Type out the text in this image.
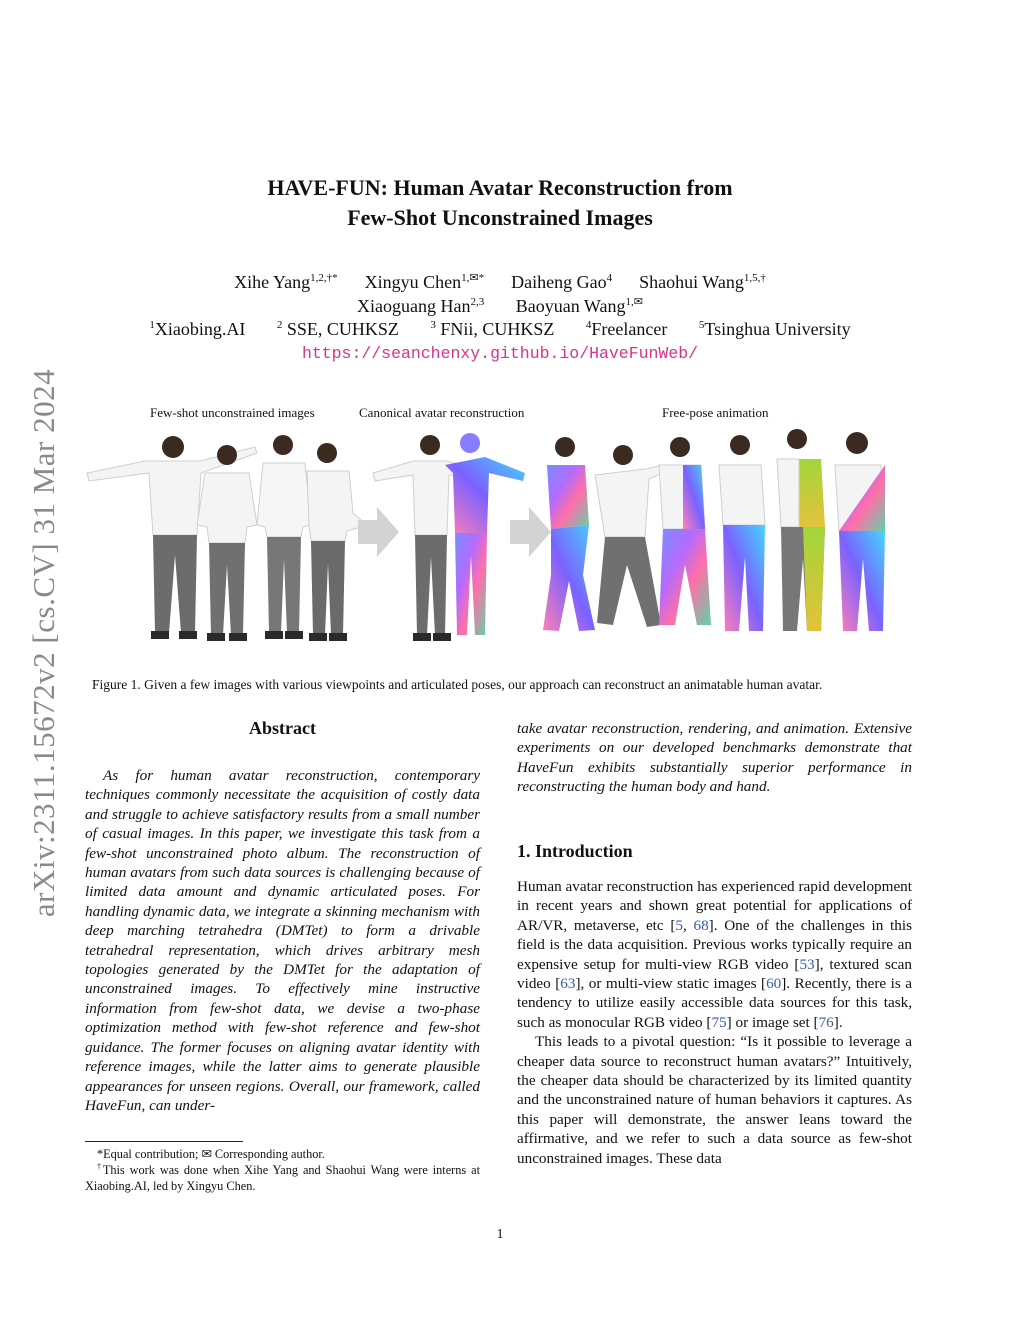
arXiv:2311.15672v2 [cs.CV] 31 Mar 2024
HAVE-FUN: Human Avatar Reconstruction from
Few-Shot Unconstrained Images
Xihe Yang$^{1,2,\dagger*}$ Xingyu Chen$^{1,✉*}$ Daiheng Gao$^4$ Shaohui Wang$^{1,5,\dagger}$
Xiaoguang Han$^{2,3}$ Baoyuan Wang$^{1,✉}$
$^1$Xiaobing.AI	$^2$ SSE, CUHKSZ	$^3$ FNii, CUHKSZ	$^4$Freelancer	$^5$Tsinghua University
https://seanchenxy.github.io/HaveFunWeb/
Few-shot unconstrained images	Canonical avatar reconstruction	Free-pose animation
Figure 1. Given a few images with various viewpoints and articulated poses, our approach can reconstruct an animatable human avatar.
Abstract

As for human avatar reconstruction, contemporary techniques commonly necessitate the acquisition of costly data and struggle to achieve satisfactory results from a small number of casual images. In this paper, we investigate this task from a few-shot unconstrained photo album. The reconstruction of human avatars from such data sources is challenging because of limited data amount and dynamic articulated poses. For handling dynamic data, we integrate a skinning mechanism with deep marching tetrahedra (DMTet) to form a drivable tetrahedral representation, which drives arbitrary mesh topologies generated by the DMTet for the adaptation of unconstrained images. To effectively mine instructive information from few-shot data, we devise a two-phase optimization method with few-shot reference and few-shot guidance. The former focuses on aligning avatar identity with reference images, while the latter aims to generate plausible appearances for unseen regions. Overall, our framework, called HaveFun, can under-

*Equal contribution; ✉ Corresponding author.
†This work was done when Xihe Yang and Shaohui Wang were interns at Xiaobing.AI, led by Xingyu Chen.

take avatar reconstruction, rendering, and animation. Extensive experiments on our developed benchmarks demonstrate that HaveFun exhibits substantially superior performance in reconstructing the human body and hand.

1. Introduction

Human avatar reconstruction has experienced rapid development in recent years and shown great potential for applications of AR/VR, metaverse, etc [5, 68]. One of the challenges in this field is the data acquisition. Previous works typically require an expensive setup for multi-view RGB video [53], textured scan video [63], or multi-view static images [60]. Recently, there is a tendency to utilize easily accessible data sources for this task, such as monocular RGB video [75] or image set [76].

This leads to a pivotal question: “Is it possible to leverage a cheaper data source to reconstruct human avatars?” Intuitively, the cheaper data should be characterized by its limited quantity and the unconstrained nature of human behaviors it captures. As this paper will demonstrate, the answer leans toward the affirmative, and we refer to such a data source as few-shot unconstrained images. These data

1
